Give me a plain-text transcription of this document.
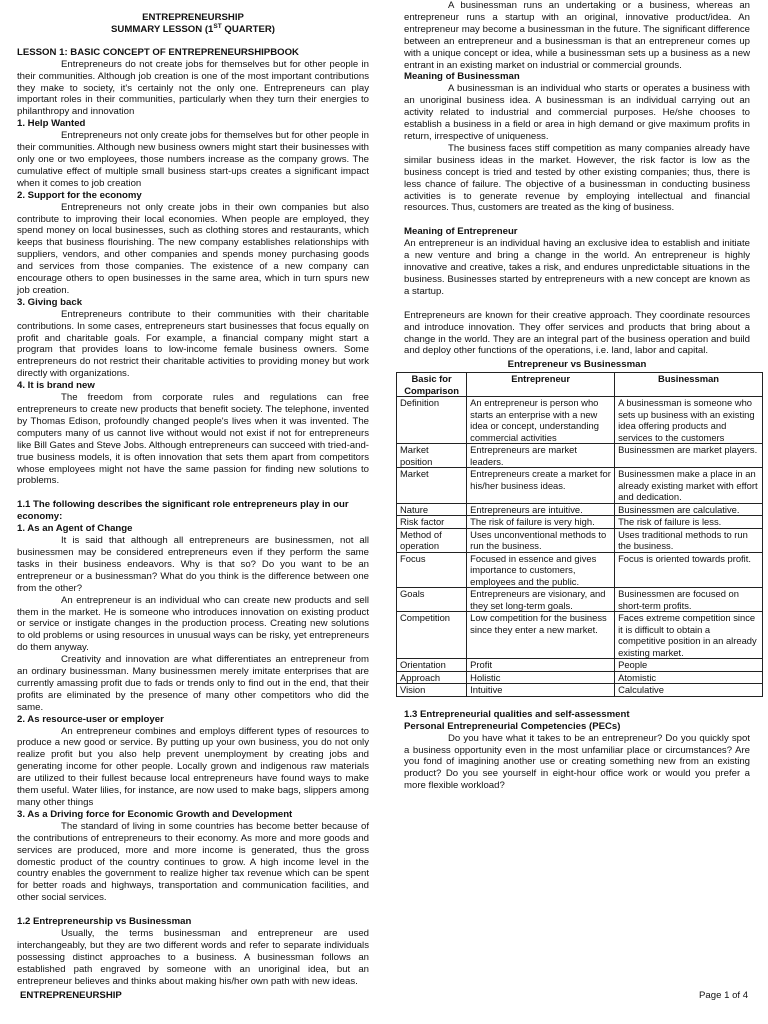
ENTREPRENEURSHIP
SUMMARY LESSON (1ST QUARTER)

LESSON 1: BASIC CONCEPT OF ENTREPRENEURSHIPBOOK

Entrepreneurs do not create jobs for themselves but for other people in their communities. Although job creation is one of the most important contributions they make to society, it's certainly not the only one. Entrepreneurs can play important roles in their communities, particularly when they turn their energies to philanthropy and innovation

1. Help Wanted

Entrepreneurs not only create jobs for themselves but for other people in their communities. Although new business owners might start their businesses with only one or two employees, those numbers increase as the company grows. The cumulative effect of multiple small business start-ups creates a significant impact when it comes to job creation

2. Support for the economy

Entrepreneurs not only create jobs in their own companies but also contribute to improving their local economies. When people are employed, they spend money on local businesses, such as clothing stores and restaurants, which keeps that business flourishing. The new company establishes relationships with suppliers, vendors, and other companies and spends money purchasing goods and services from those companies. The existence of a new company can encourage others to open businesses in the same area, which in turn spurs new job creation.

3. Giving back

Entrepreneurs contribute to their communities with their charitable contributions. In some cases, entrepreneurs start businesses that focus equally on profit and charitable goals. For example, a financial company might start a program that provides loans to low-income female business owners. Some entrepreneurs do not restrict their charitable activities to providing money but work directly with organizations.

4. It is brand new

The freedom from corporate rules and regulations can free entrepreneurs to create new products that benefit society. The telephone, invented by Thomas Edison, profoundly changed people's lives when it was invented. The computers many of us cannot live without would not exist if not for entrepreneurs like Bill Gates and Steve Jobs. Although entrepreneurs can succeed with tried-and-true business models, it is often innovation that sets them apart from competitors whose employees might not have the same passion for finding new solutions to problems.

1.1 The following describes the significant role entrepreneurs play in our economy:

1. As an Agent of Change

It is said that although all entrepreneurs are businessmen, not all businessmen may be considered entrepreneurs even if they perform the same tasks in their business endeavors. Why is that so? Do you want to be an entrepreneur or a businessman? What do you think is the difference between one from the other?

An entrepreneur is an individual who can create new products and sell them in the market. He is someone who introduces innovation on existing product or service or instigate changes in the production process. Creating new solutions to old problems or using resources in unusual ways can be risky, yet entrepreneurs do them anyway.

Creativity and innovation are what differentiates an entrepreneur from an ordinary businessman. Many businessmen merely imitate enterprises that are currently amassing profit due to fads or trends only to find out in the end, that their profits are eliminated by the presence of many other competitors who did the same.

2. As resource-user or employer

An entrepreneur combines and employs different types of resources to produce a new good or service. By putting up your own business, you do not only realize profit but you also help prevent unemployment by creating jobs and generating income for other people. Locally grown and indigenous raw materials are utilized to their fullest because local entrepreneurs have found ways to make them useful. Water lilies, for instance, are now used to make bags, slippers among many other things

3. As a Driving force for Economic Growth and Development

The standard of living in some countries has become better because of the contributions of entrepreneurs to their economy. As more and more goods and services are produced, more and more income is generated, thus the gross domestic product of the country continues to grow. A high income level in the country enables the government to realize higher tax revenue which can be spent for better roads and highways, transportation and communication facilities, and other social services.

1.2 Entrepreneurship vs Businessman

Usually, the terms businessman and entrepreneur are used interchangeably, but they are two different words and refer to separate individuals possessing distinct approaches to a business. A businessman follows an established path engraved by someone with an unoriginal idea, but an entrepreneur believes and thinks about making his/her own path with new ideas.

A businessman runs an undertaking or a business, whereas an entrepreneur runs a startup with an original, innovative product/idea. An entrepreneur may become a businessman in the future. The significant difference between an entrepreneur and a businessman is that an entrepreneur comes up with a unique concept or idea, while a businessman sets up a business as a new entrant in an existing market on industrial or commercial grounds.

Meaning of Businessman

A businessman is an individual who starts or operates a business with an unoriginal business idea. A businessman is an individual carrying out an activity related to industrial and commercial purposes. He/she chooses to establish a business in a field or area in high demand or give maximum profits in return, irrespective of uniqueness.

The business faces stiff competition as many companies already have similar business ideas in the market. However, the risk factor is low as the business concept is tried and tested by other existing companies; thus, there is less chance of failure. The objective of a businessman in conducting business activities is to generate revenue by employing intellectual and financial resources. Thus, customers are treated as the king of business.

Meaning of Entrepreneur

An entrepreneur is an individual having an exclusive idea to establish and initiate a new venture and bring a change in the world. An entrepreneur is highly innovative and creative, takes a risk, and endures unpredictable situations in the business. Businesses started by entrepreneurs with a new concept are known as a startup.

Entrepreneurs are known for their creative approach. They coordinate resources and introduce innovation. They offer services and products that bring about a change in the world. They are an integral part of the business operation and build and deploy other functions of the operations, i.e. land, labor and capital.

Entrepreneur vs Businessman
Basic for Comparison	Entrepreneur	Businessman
Definition	An entrepreneur is person who starts an enterprise with a new idea or concept, understanding commercial activities	A businessman is someone who sets up business with an existing idea offering products and services to the customers
Market position	Entrepreneurs are market leaders.	Businessmen are market players.
Market	Entrepreneurs create a market for his/her business ideas.	Businessmen make a place in an already existing market with effort and dedication.
Nature	Entrepreneurs are intuitive.	Businessmen are calculative.
Risk factor	The risk of failure is very high.	The risk of failure is less.
Method of operation	Uses unconventional methods to run the business.	Uses traditional methods to run the business.
Focus	Focused in essence and gives importance to customers, employees and the public.	Focus is oriented towards profit.
Goals	Entrepreneurs are visionary, and they set long-term goals.	Businessmen are focused on short-term profits.
Competition	Low competition for the business since they enter a new market.	Faces extreme competition since it is difficult to obtain a competitive position in an already existing market.
Orientation	Profit	People
Approach	Holistic	Atomistic
Vision	Intuitive	Calculative

1.3 Entrepreneurial qualities and self-assessment

Personal Entrepreneurial Competencies (PECs)

Do you have what it takes to be an entrepreneur? Do you quickly spot a business opportunity even in the most unfamiliar place or circumstances? Are you fond of imagining another use or creating something new from an existing product? Do you see yourself in eight-hour office work or would you prefer a more flexible workload?

ENTREPRENEURSHIP	Page 1 of 4
